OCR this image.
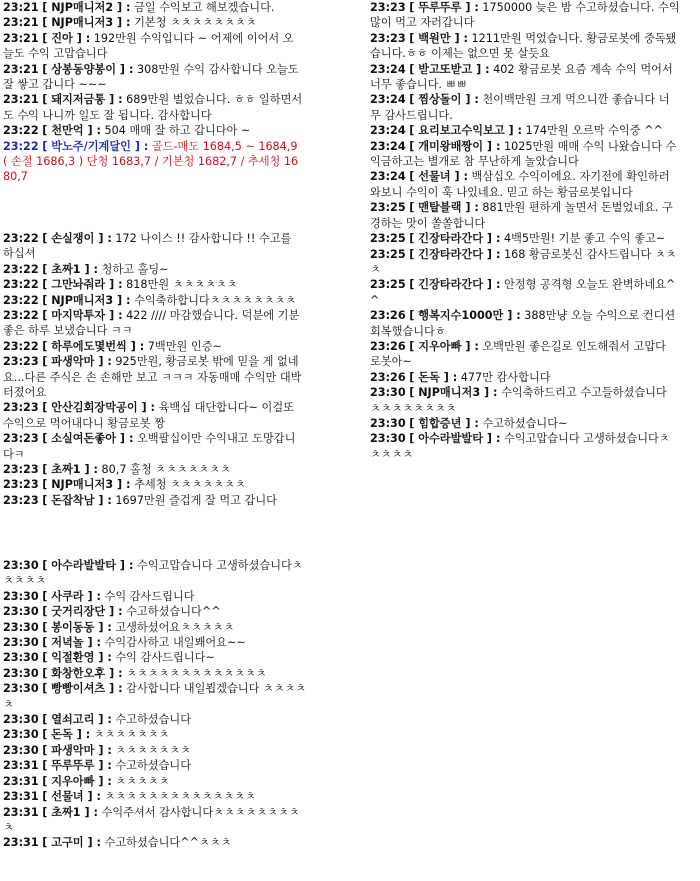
23:21 [ NJP매니저2 ] : 금일 수익보고 해보겠습니다.

23:21 [ NJP매니저3 ] : 기본청 ㅊㅊㅊㅊㅊㅊㅊㅊ

23:21 [ 진아 ] : 192만원 수익입니다 ~ 어제에 이어서 오늘도 수익 고맙습니다

23:21 [ 상봉동양봉이 ] : 308만원 수익 감사합니다 오늘도 잘 쌓고 갑니다 ~~~

23:21 [ 돼지저금통 ] : 689만원 벌었습니다. ㅎㅎ 일하면서도 수익 나니까 일도 잘 됩니다. 감사합니다

23:22 [ 천만억 ] : 504 매매 잘 하고 갑니다아 ~

23:22 [ 박노주/기계달인 ] : 골드-매도 1684,5 ~ 1684,9 ( 손절 1686,3 ) 단청 1683,7 / 기본청 1682,7 / 추세청 1680,7

23:22 [ 손실쟁이 ] : 172 나이스 !! 감사합니다 !! 수고를 하십셔

23:22 [ 초짜1 ] : 청하고 홀딩~

23:22 [ 그만놔줘라 ] : 818만원 ㅊㅊㅊㅊㅊㅊ

23:22 [ NJP매니저3 ] : 수익축하합니다ㅊㅊㅊㅊㅊㅊㅊㅊ

23:22 [ 마지막투자 ] : 422 //// 마감했습니다. 덕분에 기분 좋은 하루 보냈습니다 ㅋㅋ

23:22 [ 하루에도몇번씩 ] : 7백만원 인증~

23:23 [ 파생악마 ] : 925만원, 황금로봇 밖에 믿을 게 없네요...다른 주식은 손 손해만 보고 ㅋㅋㅋ 자동매매 수익만 대박터졌어요

23:23 [ 안산김회장막공이 ] : 육백십 대단합니다~ 이걸또 수익으로 먹어내다니 황금로봇 짱

23:23 [ 소실여돈좋아 ] : 오백팔십이만 수익내고 도망갑니다ㅋ

23:23 [ 초짜1 ] : 80,7 홀청 ㅊㅊㅊㅊㅊㅊㅊ

23:23 [ NJP매니저3 ] : 추세청 ㅊㅊㅊㅊㅊㅊㅊ

23:23 [ 돈잡착남 ] : 1697만원 즐겁게 잘 먹고 갑니다

23:23 [ 뚜루뚜루 ] : 1750000 늦은 밤 수고하셨습니다. 수익 많이 먹고 자러갑니다

23:23 [ 백원만 ] : 1211만원 먹었습니다. 황금로봇에 중독됐습니다.ㅎㅎ 이제는 없으면 못 살듯요

23:24 [ 받고또받고 ] : 402 황금로봇 요즘 계속 수익 먹어서 너무 좋습니다. ㅃㅃ

23:24 [ 찜상돌이 ] : 천이백만원 크게 먹으니깐 좋습니다 너무 감사드립니다.

23:24 [ 요리보고수익보고 ] : 174만원 오르막 수익중 ^^

23:24 [ 개미왕배짱이 ] : 1025만원 매매 수익 나왔습니다 수익금하고는 별개로 참 무난하게 놀았습니다

23:24 [ 선물녀 ] : 백삼십오 수익이에요. 자기전에 확인하러 와보니 수익이 훅 나있네요. 믿고 하는 황금로봇입니다

23:25 [ 맨탈블랙 ] : 881만원 편하게 놀면서 돈벌었네요. 구경하는 맛이 쏠쏠합니다

23:25 [ 긴장타라간다 ] : 4백5만원! 기분 좋고 수익 좋고~

23:25 [ 긴장타라간다 ] : 168 황금로봇신 감사드립니다 ㅊㅊㅊ

23:25 [ 긴장타라간다 ] : 안정형 공격형 오늘도 완벽하네요^^

23:26 [ 행복지수1000만 ] : 388만냥 오늘 수익으로 컨디션 회복했습니다ㅎ

23:26 [ 지우아빠 ] : 오백만원 좋은길로 인도해줘서 고맙다 로봇아~

23:26 [ 돈독 ] : 477만 캄사합니다

23:30 [ NJP매니저3 ] : 수익축하드리고 수고들하셨습니다 ㅊㅊㅊㅊㅊㅊㅊㅊ

23:30 [ 힘합증년 ] : 수고하셨습니다~

23:30 [ 아수라발발타 ] : 수익고맙습니다 고생하셨습니다ㅊㅊㅊㅊㅊ

23:30 [ 아수라발발타 ] : 수익고맙습니다 고생하셨습니다ㅊㅊㅊㅊㅊ

23:30 [ 사쿠라 ] : 수익 감사드립니다

23:30 [ 굿거리장단 ] : 수고하셨습니다^^

23:30 [ 봉이동동 ] : 고생하셨어요ㅊㅊㅊㅊㅊ

23:30 [ 저녁놀 ] : 수익감사하고 내일봬어요~~

23:30 [ 익절환영 ] : 수익 감사드립니다~

23:30 [ 화창한오후 ] : ㅊㅊㅊㅊㅊㅊㅊㅊㅊㅊㅊㅊㅊ

23:30 [ 빵빵이셔츠 ] : 감사합니다 내일뵙겠습니다 ㅊㅊㅊㅊㅊ

23:30 [ 열쇠고리 ] : 수고하셨습니다

23:30 [ 돈독 ] : ㅊㅊㅊㅊㅊㅊㅊ

23:30 [ 파생악마 ] : ㅊㅊㅊㅊㅊㅊㅊ

23:31 [ 뚜루뚜루 ] : 수고하셨습니다

23:31 [ 지우아빠 ] : ㅊㅊㅊㅊㅊ

23:31 [ 선물녀 ] : ㅊㅊㅊㅊㅊㅊㅊㅊㅊㅊㅊㅊㅊㅊ

23:31 [ 초짜1 ] : 수익주셔서 감사합니다ㅊㅊㅊㅊㅊㅊㅊㅊㅊ

23:31 [ 고구미 ] : 수고하셨습니다^^ㅊㅊㅊ
